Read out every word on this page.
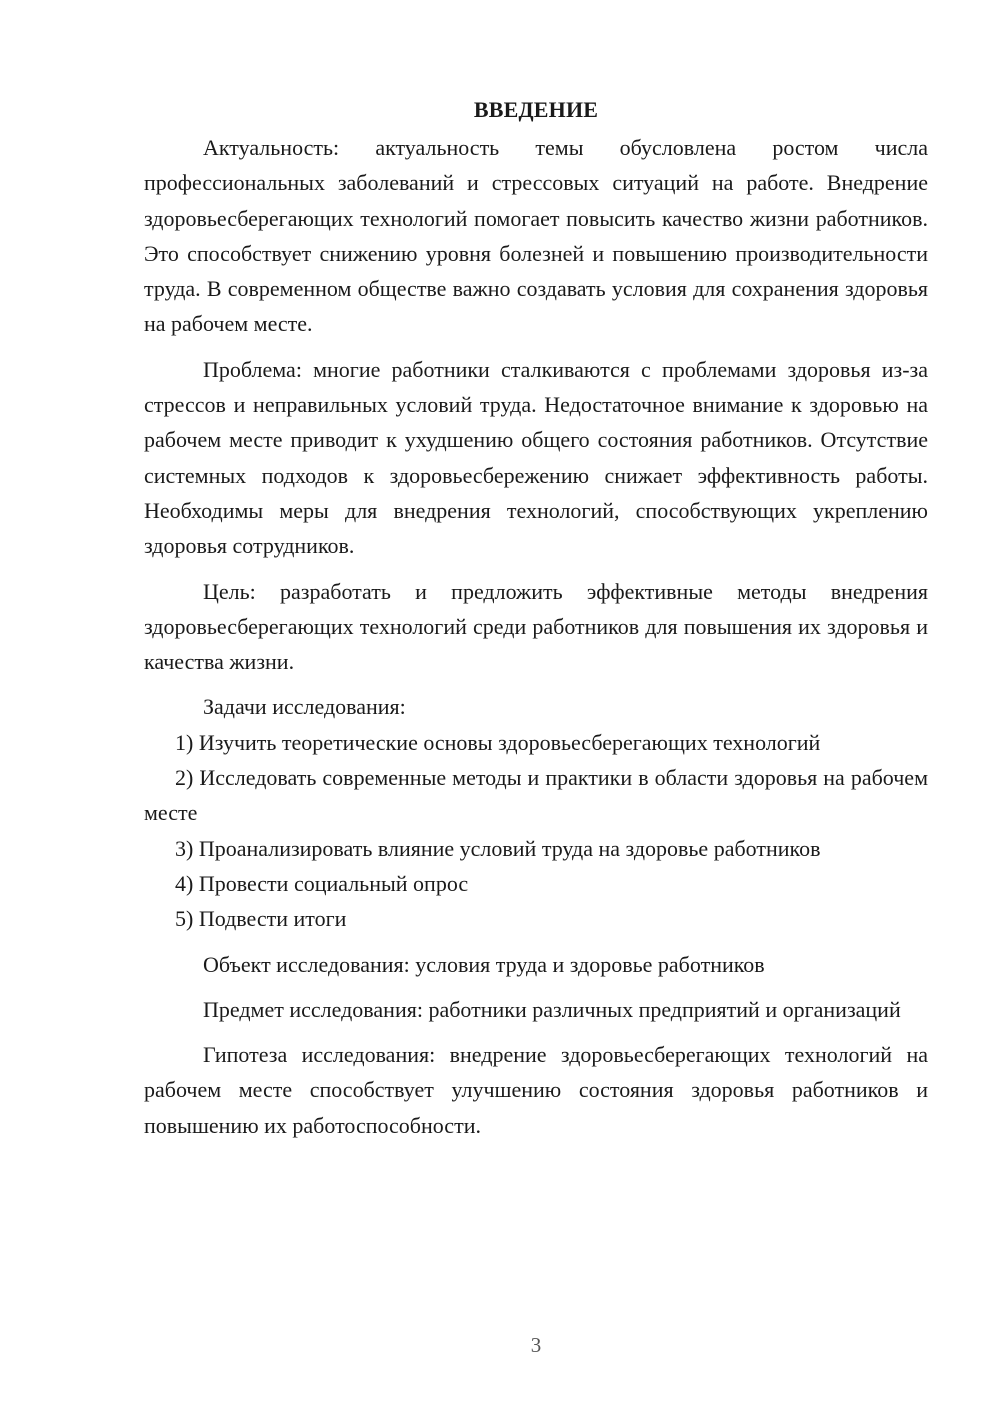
ВВЕДЕНИЕ

Актуальность: актуальность темы обусловлена ростом числа профессиональных заболеваний и стрессовых ситуаций на работе. Внедрение здоровьесберегающих технологий помогает повысить качество жизни работников. Это способствует снижению уровня болезней и повышению производительности труда. В современном обществе важно создавать условия для сохранения здоровья на рабочем месте.

Проблема: многие работники сталкиваются с проблемами здоровья из-за стрессов и неправильных условий труда. Недостаточное внимание к здоровью на рабочем месте приводит к ухудшению общего состояния работников. Отсутствие системных подходов к здоровьесбережению снижает эффективность работы. Необходимы меры для внедрения технологий, способствующих укреплению здоровья сотрудников.

Цель: разработать и предложить эффективные методы внедрения здоровьесберегающих технологий среди работников для повышения их здоровья и качества жизни.

Задачи исследования:

1) Изучить теоретические основы здоровьесберегающих технологий

2) Исследовать современные методы и практики в области здоровья на рабочем месте

3) Проанализировать влияние условий труда на здоровье работников

4) Провести социальный опрос

5) Подвести итоги

Объект исследования: условия труда и здоровье работников

Предмет исследования: работники различных предприятий и организаций

Гипотеза исследования: внедрение здоровьесберегающих технологий на рабочем месте способствует улучшению состояния здоровья работников и повышению их работоспособности.

3
